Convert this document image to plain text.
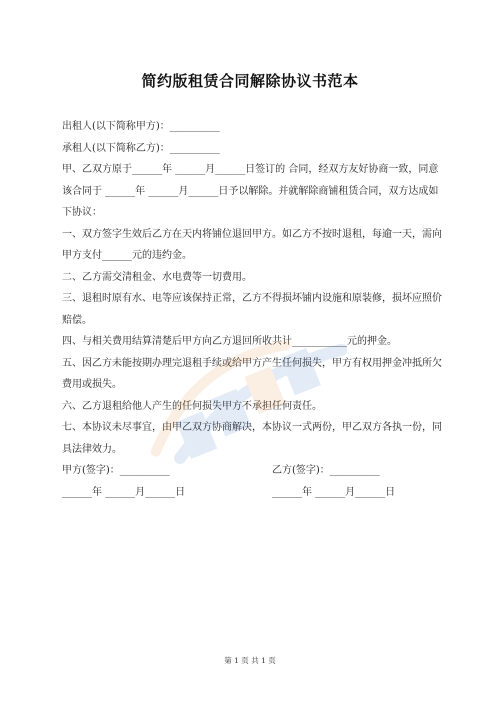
简约版租赁合同解除协议书范本

出租人(以下简称甲方)：__________

承租人(以下简称乙方)：__________

甲、乙双方原于______年 ______月______日签订的 合同，经双方友好协商一致，同意该合同于 ______年 ______月______日予以解除。并就解除商铺租赁合同，双方达成如下协议：

一、双方签字生效后乙方在天内将铺位退回甲方。如乙方不按时退租，每逾一天，需向甲方支付______元的违约金。

二、乙方需交清租金、水电费等一切费用。

三、退租时原有水、电等应该保持正常，乙方不得损坏铺内设施和原装修，损坏应照价赔偿。

四、与相关费用结算清楚后甲方向乙方退回所收共计___________元的押金。

五、因乙方未能按期办理完退租手续或给甲方产生任何损失，甲方有权用押金冲抵所欠费用或损失。

六、乙方退租给他人产生的任何损失甲方不承担任何责任。

七、本协议未尽事宜，由甲乙双方协商解决，本协议一式两份，甲乙双方各执一份，同具法律效力。

甲方(签字)：__________	乙方(签字)：__________
______年 ______月______日	______年 ______月______日
第 1 页 共 1 页
